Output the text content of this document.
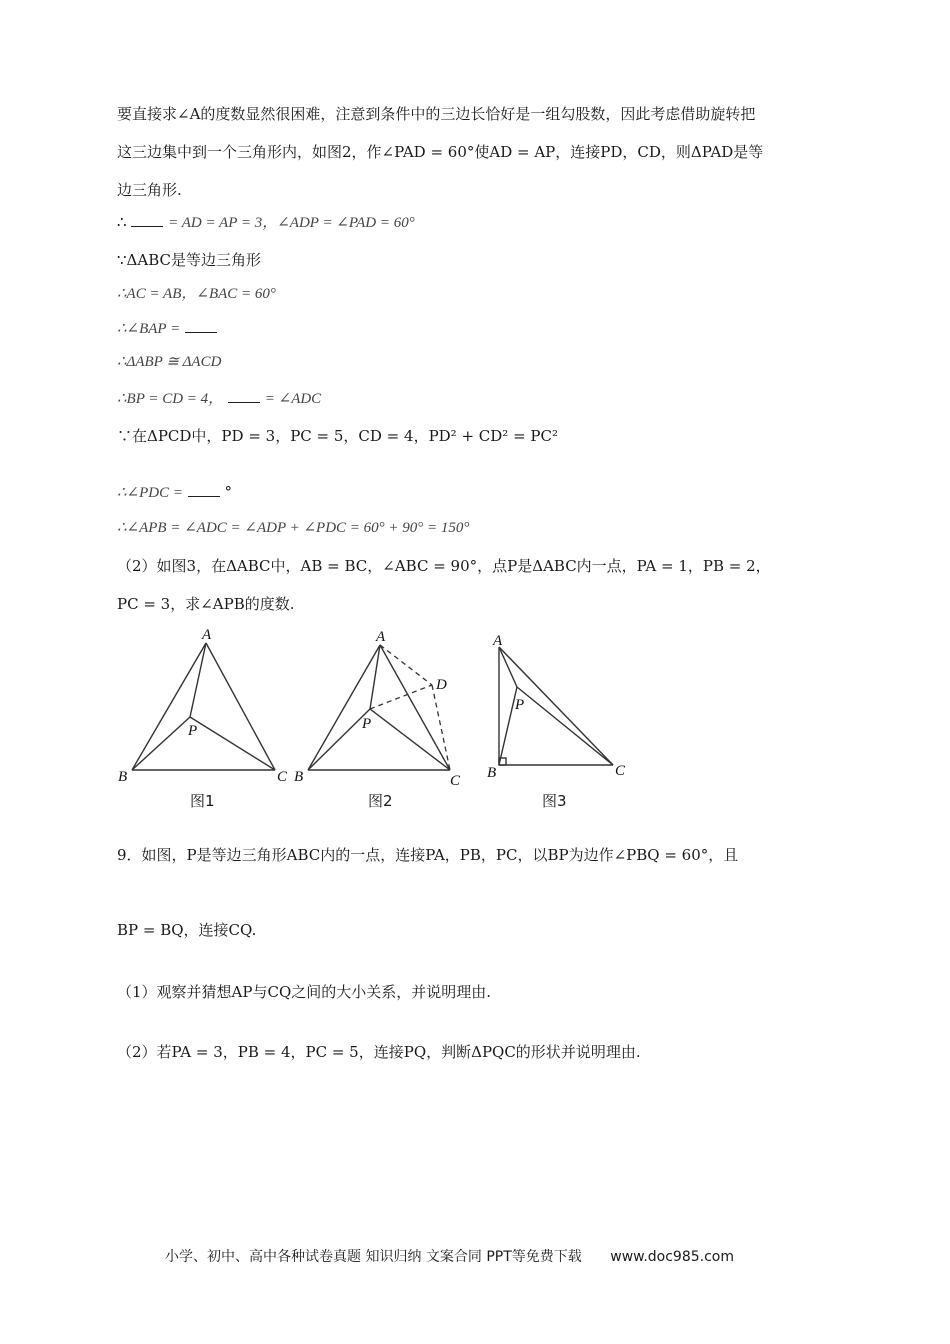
要直接求∠A的度数显然很困难，注意到条件中的三边长恰好是一组勾股数，因此考虑借助旋转把
这三边集中到一个三角形内，如图2，作∠PAD = 60°使AD = AP，连接PD，CD，则ΔPAD是等
边三角形.
∴	= AD = AP = 3，∠ADP = ∠PAD = 60°
∵ΔABC是等边三角形
∴AC = AB，∠BAC = 60°
∴∠BAP =
∴ΔABP ≅ ΔACD
∴BP = CD = 4，	= ∠ADC
∵在ΔPCD中，PD = 3，PC = 5，CD = 4，PD² + CD² = PC²
∴∠PDC =	°
∴∠APB = ∠ADC = ∠ADP + ∠PDC = 60° + 90° = 150°
（2）如图3，在ΔABC中，AB = BC，∠ABC = 90°，点P是ΔABC内一点，PA = 1，PB = 2，
PC = 3，求∠APB的度数.
A
B	C
P
图1
A
B	C
P
D
图2
A
B	C
P
图3
9．如图，P是等边三角形ABC内的一点，连接PA，PB，PC，以BP为边作∠PBQ = 60°，且
BP = BQ，连接CQ.
（1）观察并猜想AP与CQ之间的大小关系，并说明理由.
（2）若PA = 3，PB = 4，PC = 5，连接PQ，判断ΔPQC的形状并说明理由.
小学、初中、高中各种试卷真题 知识归纳 文案合同 PPT等免费下载 www.doc985.com
